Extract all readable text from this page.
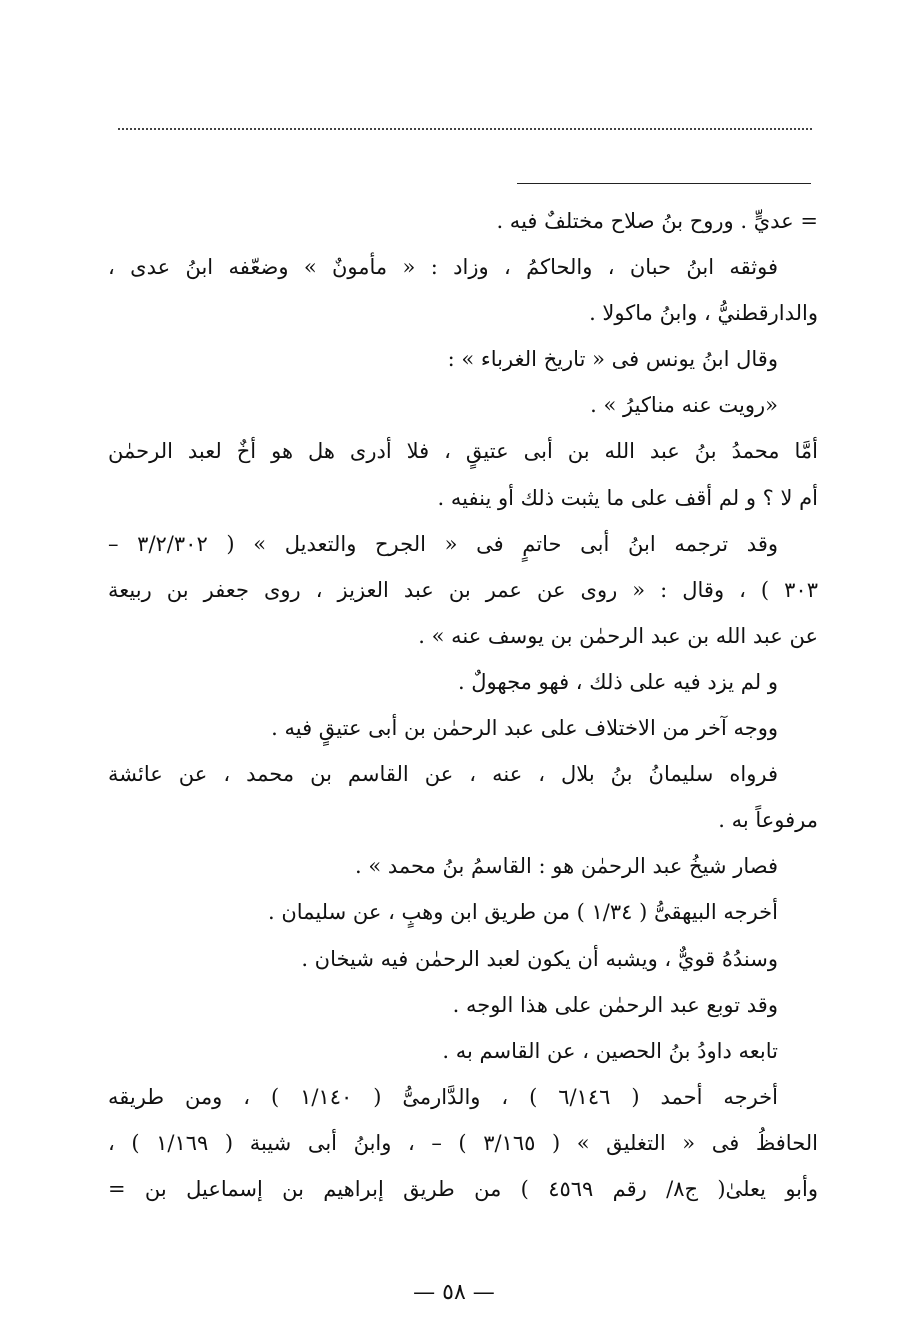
= عديٍّ . وروح بنُ صلاح مختلفٌ فيه .
فوثقه ابنُ حبان ، والحاكمُ ، وزاد : « مأمونٌ » وضعّفه ابنُ عدى ،
والدارقطنيُّ ، وابنُ ماكولا .
وقال ابنُ يونس فى « تاريخ الغرباء » :
«رويت عنه مناكيرُ » .
أمَّا محمدُ بنُ عبد الله بن أبى عتيقٍ ، فلا أدرى هل هو أخٌ لعبد الرحمٰن
أم لا ؟ و لم أقف على ما يثبت ذلك أو ينفيه .
وقد ترجمه ابنُ أبى حاتمٍ فى « الجرح والتعديل » ( ٣/٢/٣٠٢ –
٣٠٣ ) ، وقال : « روى عن عمر بن عبد العزيز ، روى جعفر بن ربيعة
عن عبد الله بن عبد الرحمٰن بن يوسف عنه » .
و لم يزد فيه على ذلك ، فهو مجهولٌ .
ووجه آخر من الاختلاف على عبد الرحمٰن بن أبى عتيقٍ فيه .
فرواه سليمانُ بنُ بلال ، عنه ، عن القاسم بن محمد ، عن عائشة
مرفوعاً به .
فصار شيخُ عبد الرحمٰن هو : القاسمُ بنُ محمد » .
أخرجه البيهقىُّ ( ١/٣٤ ) من طريق ابن وهبٍ ، عن سليمان .
وسندُهُ قويٌّ ، ويشبه أن يكون لعبد الرحمٰن فيه شيخان .
وقد توبع عبد الرحمٰن على هذا الوجه .
تابعه داودُ بنُ الحصين ، عن القاسم به .
أخرجه أحمد ( ٦/١٤٦ ) ، والدَّارمىُّ ( ١/١٤٠ ) ، ومن طريقه
الحافظُ فى « التغليق » ( ٣/١٦٥ ) – ، وابنُ أبى شيبة ( ١/١٦٩ ) ،
وأبو يعلىٰ( ج٨/ رقم ٤٥٦٩ ) من طريق إبراهيم بن إسماعيل بن =
— ٥٨ —
